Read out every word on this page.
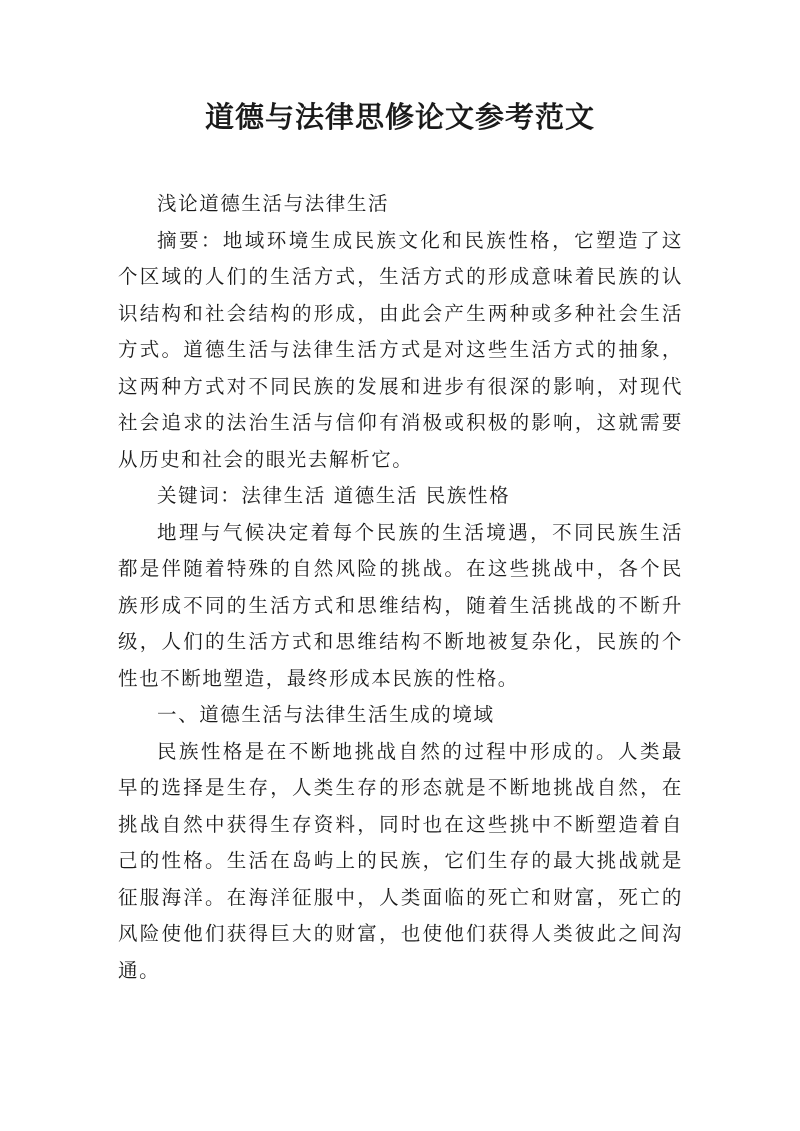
道德与法律思修论文参考范文

浅论道德生活与法律生活

摘要：地域环境生成民族文化和民族性格，它塑造了这个区域的人们的生活方式，生活方式的形成意味着民族的认识结构和社会结构的形成，由此会产生两种或多种社会生活方式。道德生活与法律生活方式是对这些生活方式的抽象，这两种方式对不同民族的发展和进步有很深的影响，对现代社会追求的法治生活与信仰有消极或积极的影响，这就需要从历史和社会的眼光去解析它。

关键词：法律生活 道德生活 民族性格

地理与气候决定着每个民族的生活境遇，不同民族生活都是伴随着特殊的自然风险的挑战。在这些挑战中，各个民族形成不同的生活方式和思维结构，随着生活挑战的不断升级，人们的生活方式和思维结构不断地被复杂化，民族的个性也不断地塑造，最终形成本民族的性格。

一、道德生活与法律生活生成的境域

民族性格是在不断地挑战自然的过程中形成的。人类最早的选择是生存，人类生存的形态就是不断地挑战自然，在挑战自然中获得生存资料，同时也在这些挑中不断塑造着自己的性格。生活在岛屿上的民族，它们生存的最大挑战就是征服海洋。在海洋征服中，人类面临的死亡和财富，死亡的风险使他们获得巨大的财富，也使他们获得人类彼此之间沟通。
